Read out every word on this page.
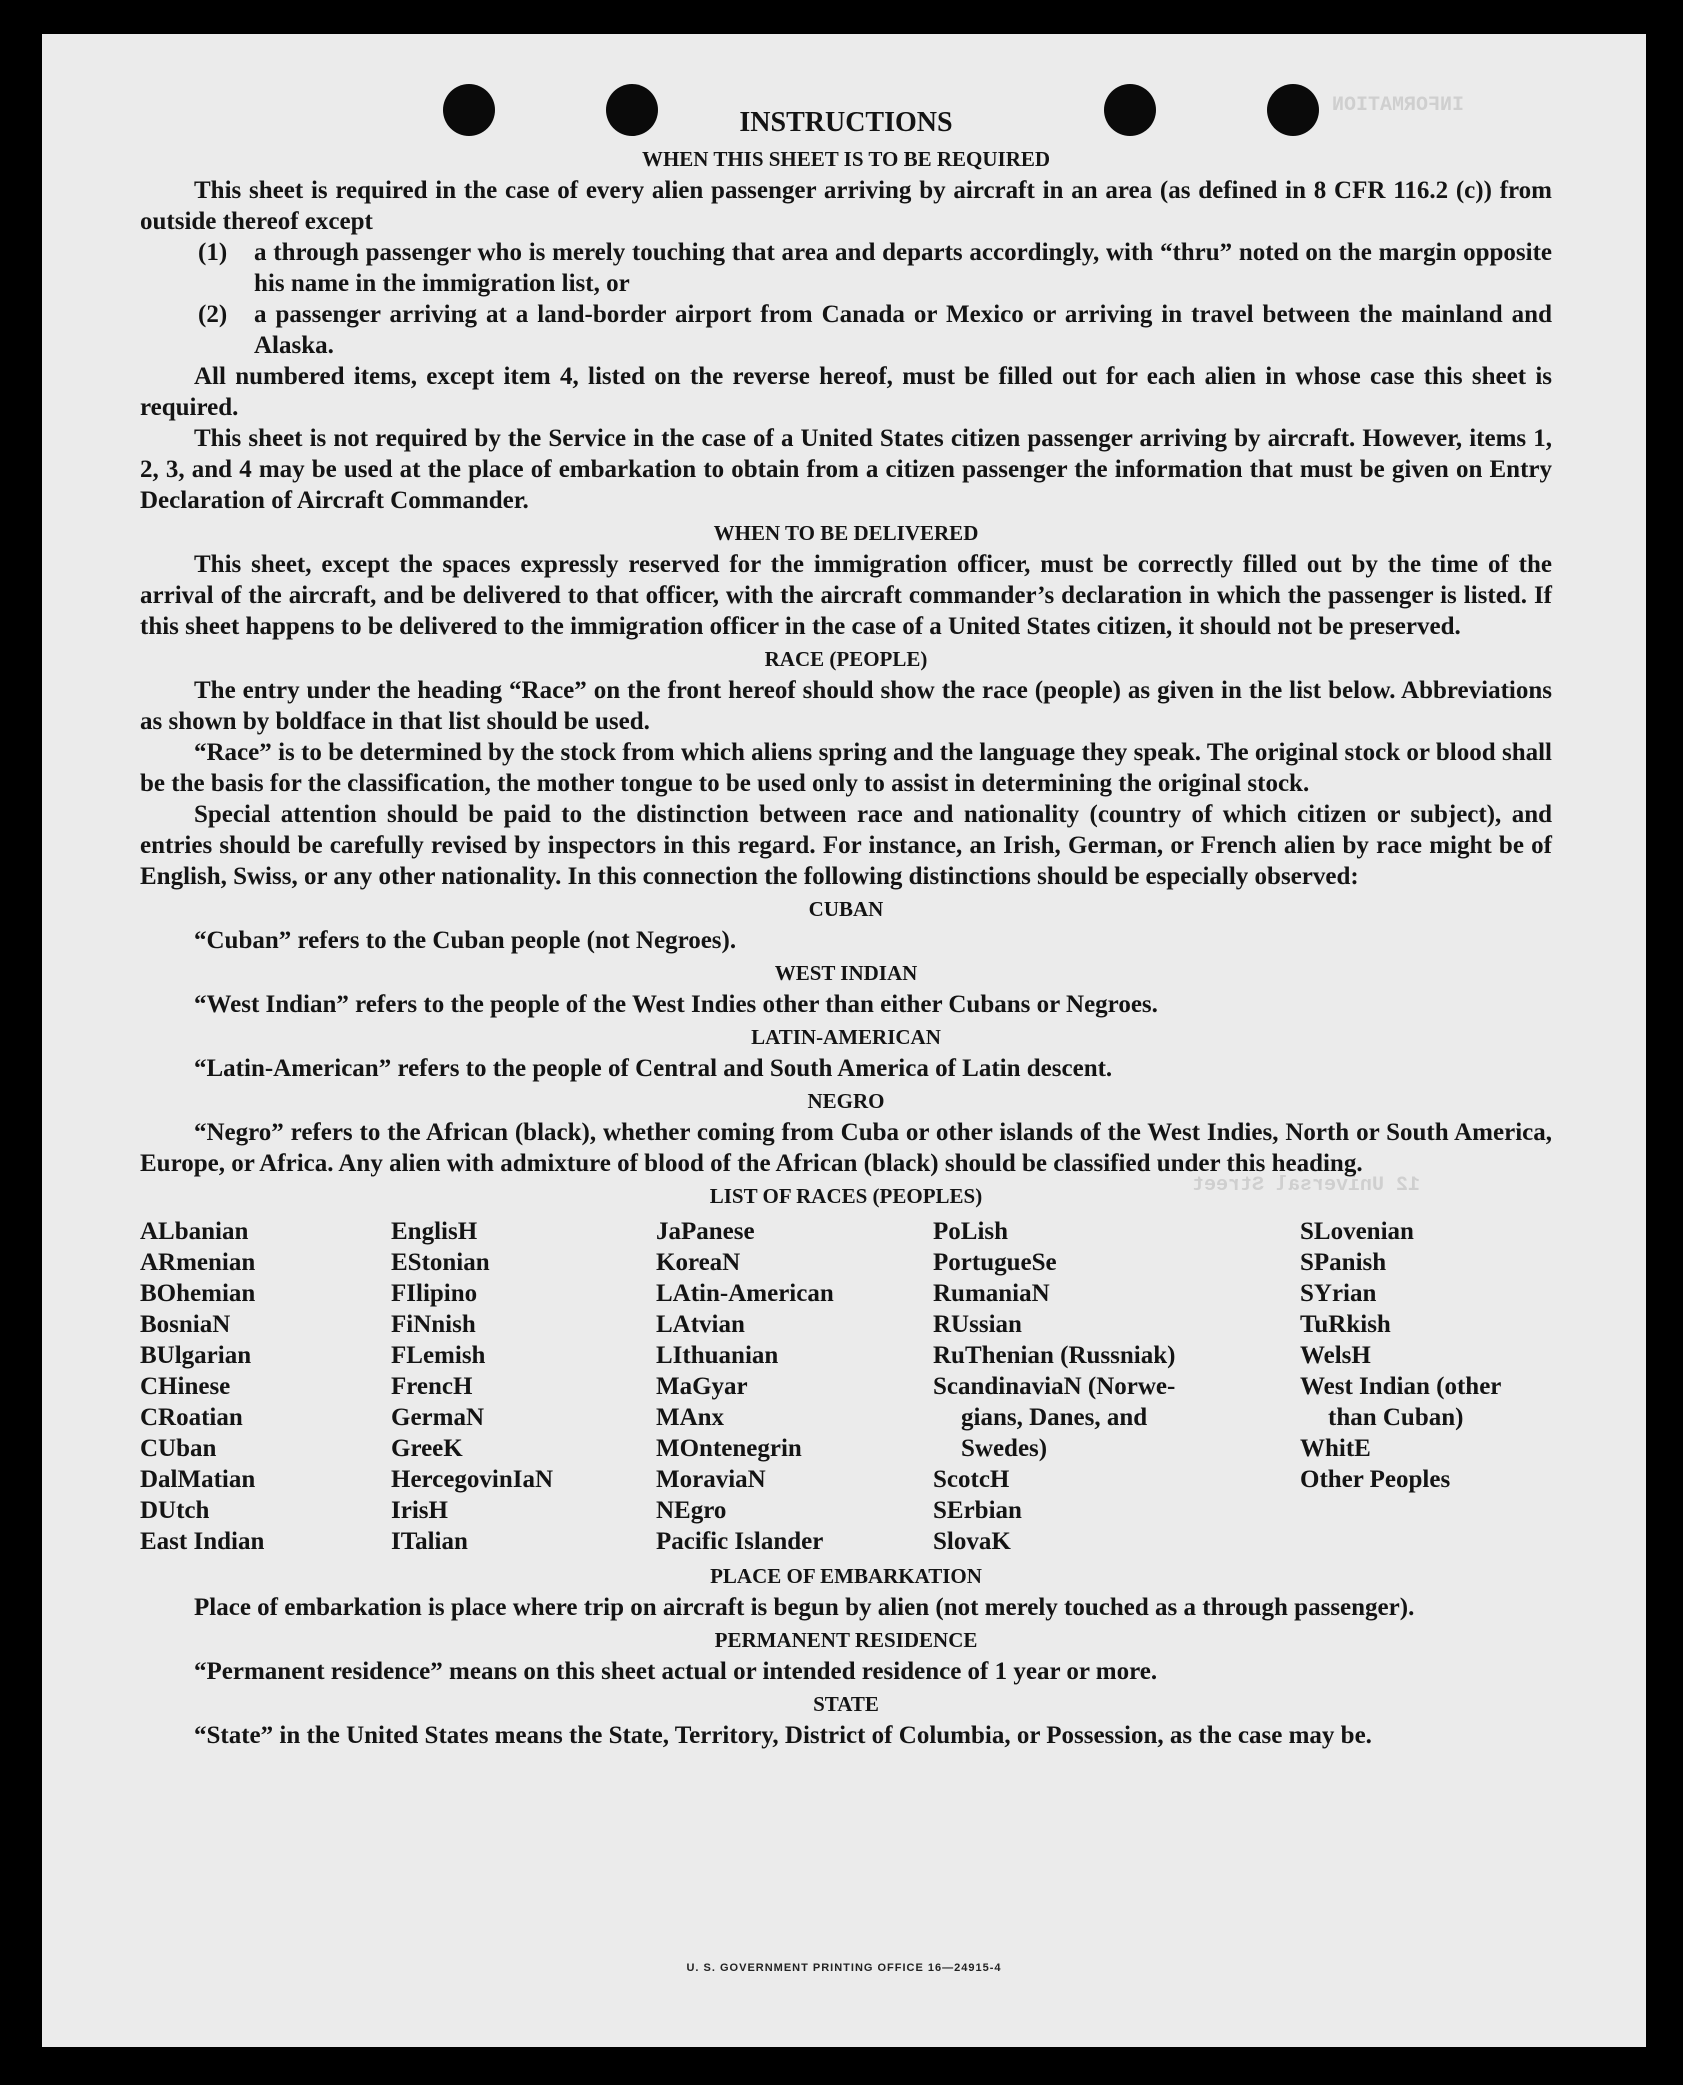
INFORMATION
12 Universal Street
INSTRUCTIONS
WHEN THIS SHEET IS TO BE REQUIRED

This sheet is required in the case of every alien passenger arriving by aircraft in an area (as defined in 8 CFR 116.2 (c)) from outside thereof except

(1) a through passenger who is merely touching that area and departs accordingly, with “thru” noted on the margin opposite his name in the immigration list, or
(2) a passenger arriving at a land-border airport from Canada or Mexico or arriving in travel between the mainland and Alaska.

All numbered items, except item 4, listed on the reverse hereof, must be filled out for each alien in whose case this sheet is required.

This sheet is not required by the Service in the case of a United States citizen passenger arriving by aircraft. However, items 1, 2, 3, and 4 may be used at the place of embarkation to obtain from a citizen passenger the information that must be given on Entry Declaration of Aircraft Commander.

WHEN TO BE DELIVERED

This sheet, except the spaces expressly reserved for the immigration officer, must be correctly filled out by the time of the arrival of the aircraft, and be delivered to that officer, with the aircraft commander’s declaration in which the passenger is listed. If this sheet happens to be delivered to the immigration officer in the case of a United States citizen, it should not be preserved.

RACE (PEOPLE)

The entry under the heading “Race” on the front hereof should show the race (people) as given in the list below. Abbreviations as shown by boldface in that list should be used.

“Race” is to be determined by the stock from which aliens spring and the language they speak. The original stock or blood shall be the basis for the classification, the mother tongue to be used only to assist in determining the original stock.

Special attention should be paid to the distinction between race and nationality (country of which citizen or subject), and entries should be carefully revised by inspectors in this regard. For instance, an Irish, German, or French alien by race might be of English, Swiss, or any other nationality. In this connection the following distinctions should be especially observed:

CUBAN

“Cuban” refers to the Cuban people (not Negroes).

WEST INDIAN

“West Indian” refers to the people of the West Indies other than either Cubans or Negroes.

LATIN-AMERICAN

“Latin-American” refers to the people of Central and South America of Latin descent.

NEGRO

“Negro” refers to the African (black), whether coming from Cuba or other islands of the West Indies, North or South America, Europe, or Africa. Any alien with admixture of blood of the African (black) should be classified under this heading.

LIST OF RACES (PEOPLES)
ALbanian
ARmenian
BOhemian
BosniaN
BUlgarian
CHinese
CRoatian
CUban
DalMatian
DUtch
East Indian
EnglisH
EStonian
FIlipino
FiNnish
FLemish
FrencH
GermaN
GreeK
HercegovinIaN
IrisH
ITalian
JaPanese
KoreaN
LAtin-American
LAtvian
LIthuanian
MaGyar
MAnx
MOntenegrin
MoraviaN
NEgro
Pacific Islander
PoLish
PortugueSe
RumaniaN
RUssian
RuThenian (Russniak)
ScandinaviaN (Norwe-
gians, Danes, and
Swedes)
ScotcH
SErbian
SlovaK
SLovenian
SPanish
SYrian
TuRkish
WelsH
West Indian (other
than Cuban)
WhitE
Other Peoples
PLACE OF EMBARKATION

Place of embarkation is place where trip on aircraft is begun by alien (not merely touched as a through passenger).

PERMANENT RESIDENCE

“Permanent residence” means on this sheet actual or intended residence of 1 year or more.

STATE

“State” in the United States means the State, Territory, District of Columbia, or Possession, as the case may be.

U. S. GOVERNMENT PRINTING OFFICE 16—24915-4
